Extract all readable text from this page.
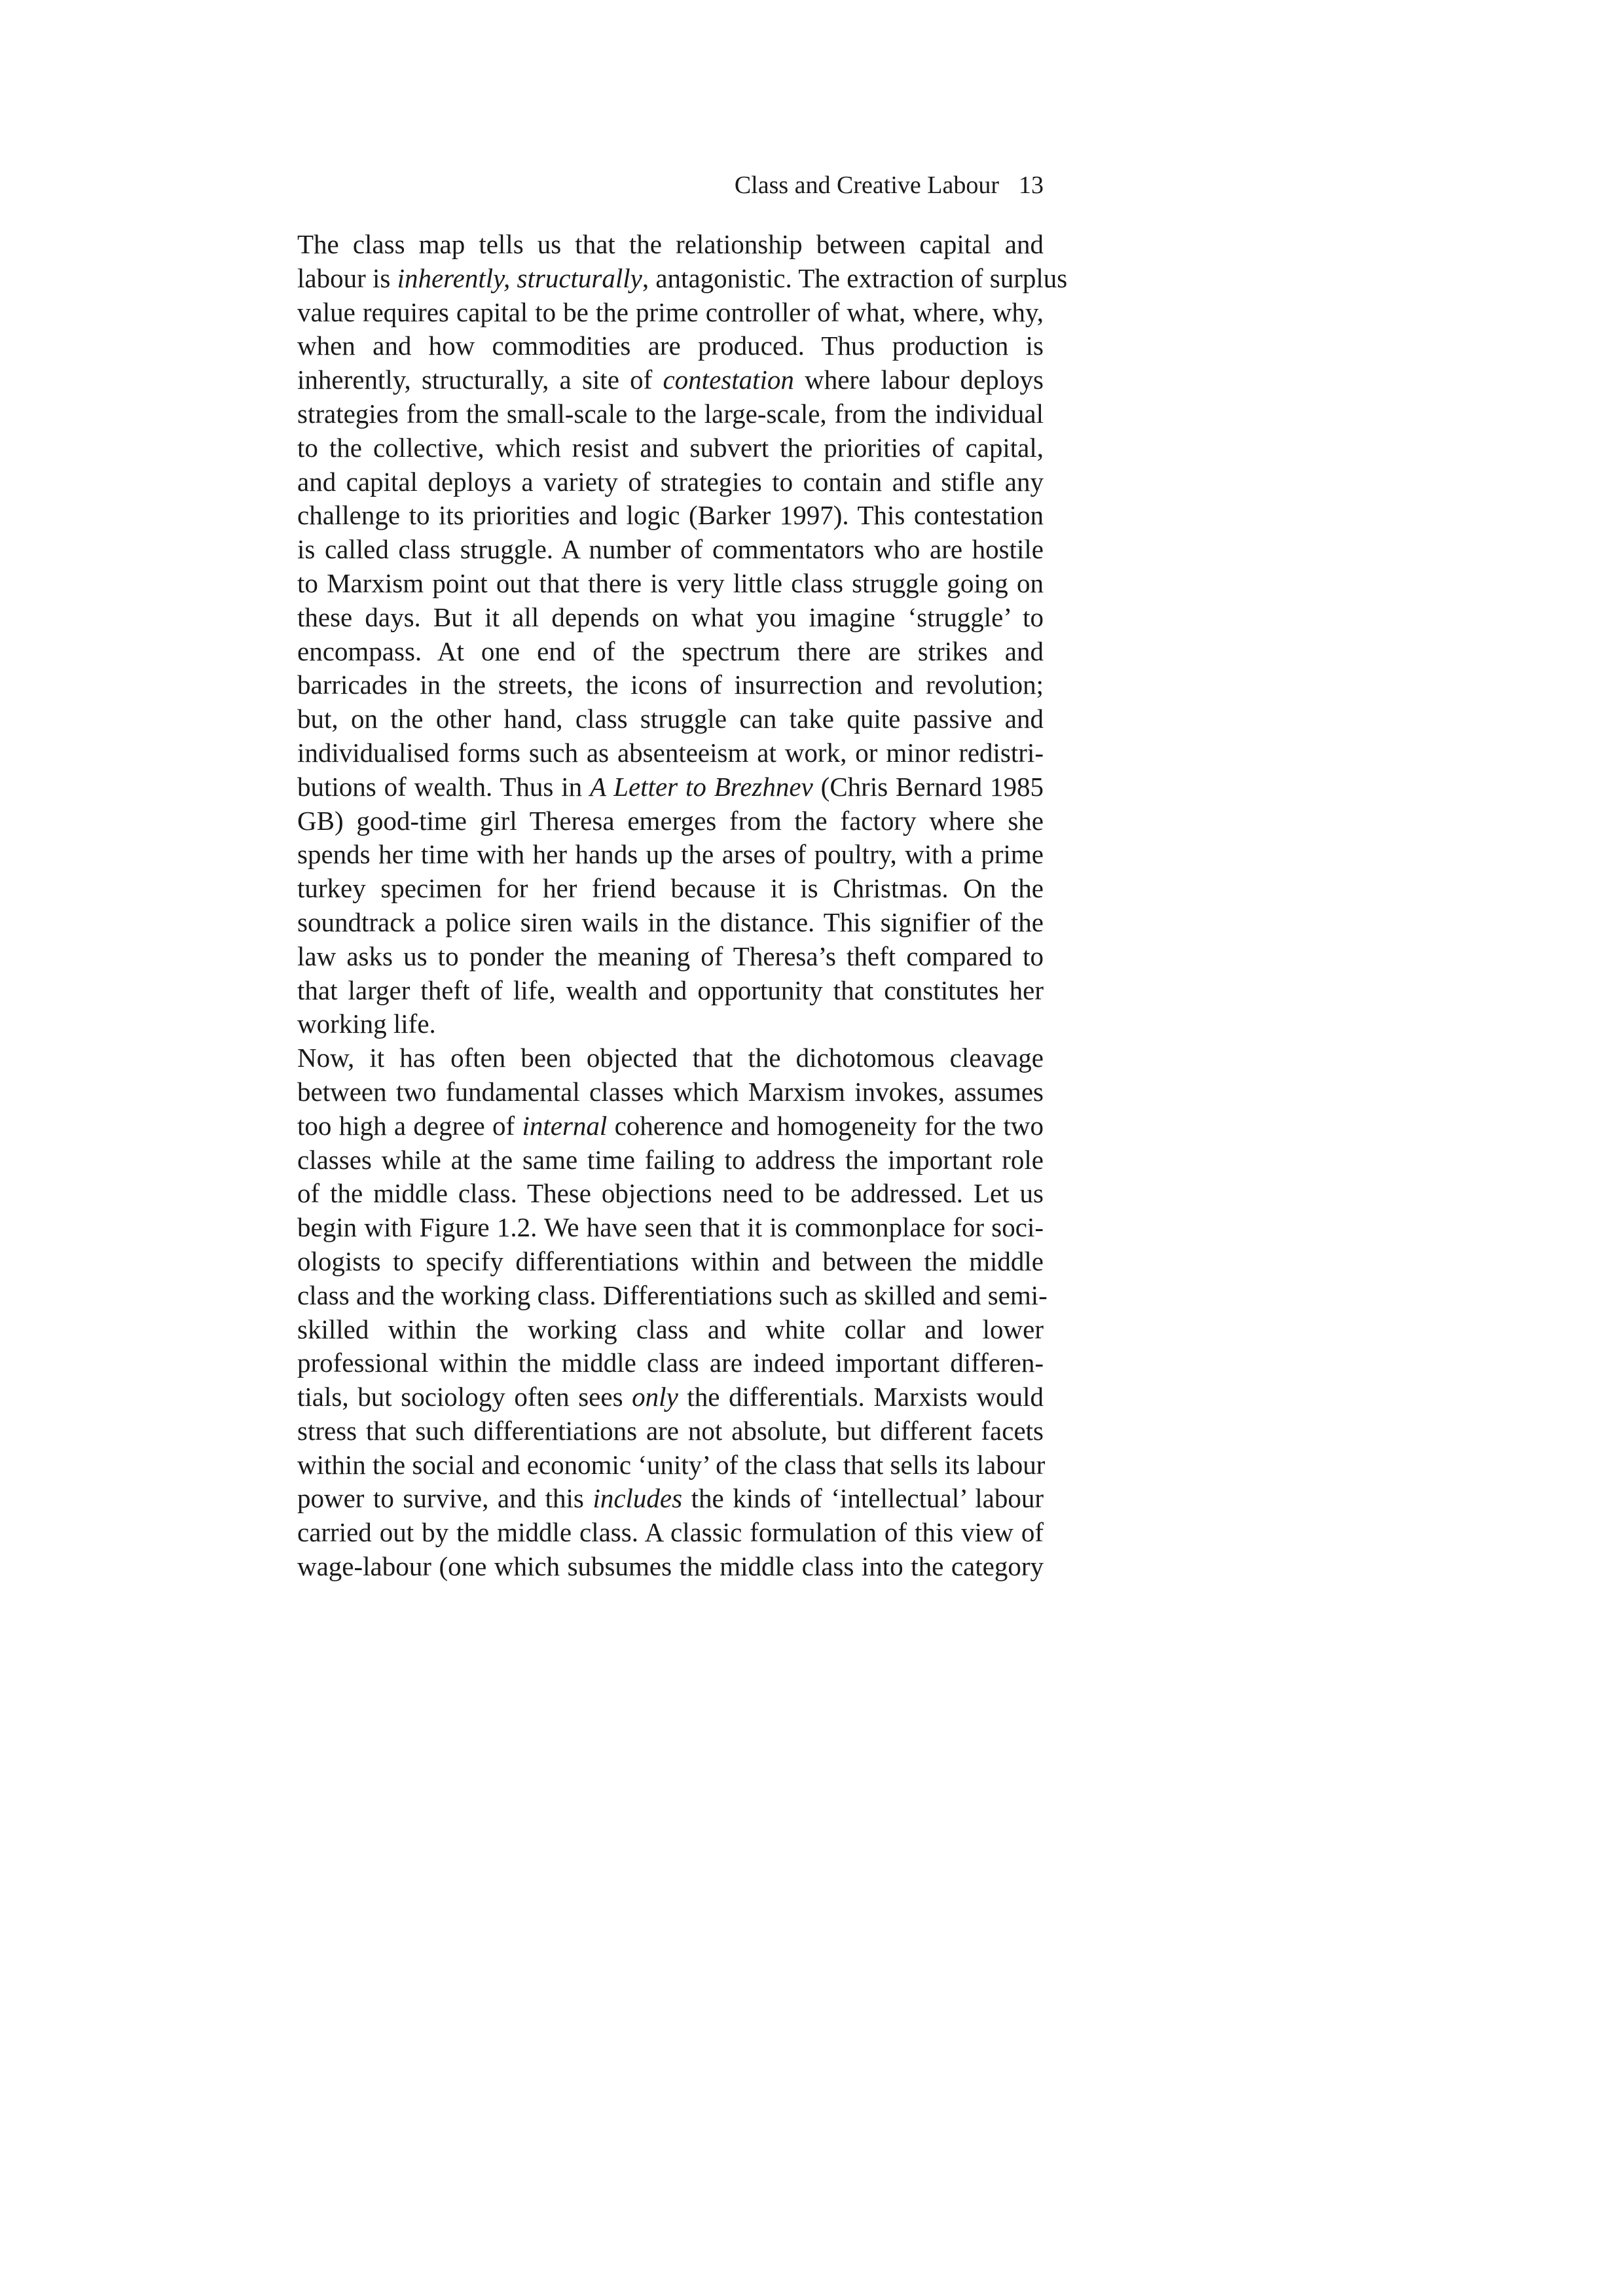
Class and Creative Labour 13

The class map tells us that the relationship between capital and
labour is inherently, structurally, antagonistic. The extraction of surplus
value requires capital to be the prime controller of what, where, why,
when and how commodities are produced. Thus production is
inherently, structurally, a site of contestation where labour deploys
strategies from the small-scale to the large-scale, from the individual
to the collective, which resist and subvert the priorities of capital,
and capital deploys a variety of strategies to contain and stifle any
challenge to its priorities and logic (Barker 1997). This contestation
is called class struggle. A number of commentators who are hostile
to Marxism point out that there is very little class struggle going on
these days. But it all depends on what you imagine ‘struggle’ to
encompass. At one end of the spectrum there are strikes and
barricades in the streets, the icons of insurrection and revolution;
but, on the other hand, class struggle can take quite passive and
individualised forms such as absenteeism at work, or minor redistri-
butions of wealth. Thus in A Letter to Brezhnev (Chris Bernard 1985
GB) good-time girl Theresa emerges from the factory where she
spends her time with her hands up the arses of poultry, with a prime
turkey specimen for her friend because it is Christmas. On the
soundtrack a police siren wails in the distance. This signifier of the
law asks us to ponder the meaning of Theresa’s theft compared to
that larger theft of life, wealth and opportunity that constitutes her
working life.

Now, it has often been objected that the dichotomous cleavage
between two fundamental classes which Marxism invokes, assumes
too high a degree of internal coherence and homogeneity for the two
classes while at the same time failing to address the important role
of the middle class. These objections need to be addressed. Let us
begin with Figure 1.2. We have seen that it is commonplace for soci-
ologists to specify differentiations within and between the middle
class and the working class. Differentiations such as skilled and semi-
skilled within the working class and white collar and lower
professional within the middle class are indeed important differen-
tials, but sociology often sees only the differentials. Marxists would
stress that such differentiations are not absolute, but different facets
within the social and economic ‘unity’ of the class that sells its labour
power to survive, and this includes the kinds of ‘intellectual’ labour
carried out by the middle class. A classic formulation of this view of
wage-labour (one which subsumes the middle class into the category
